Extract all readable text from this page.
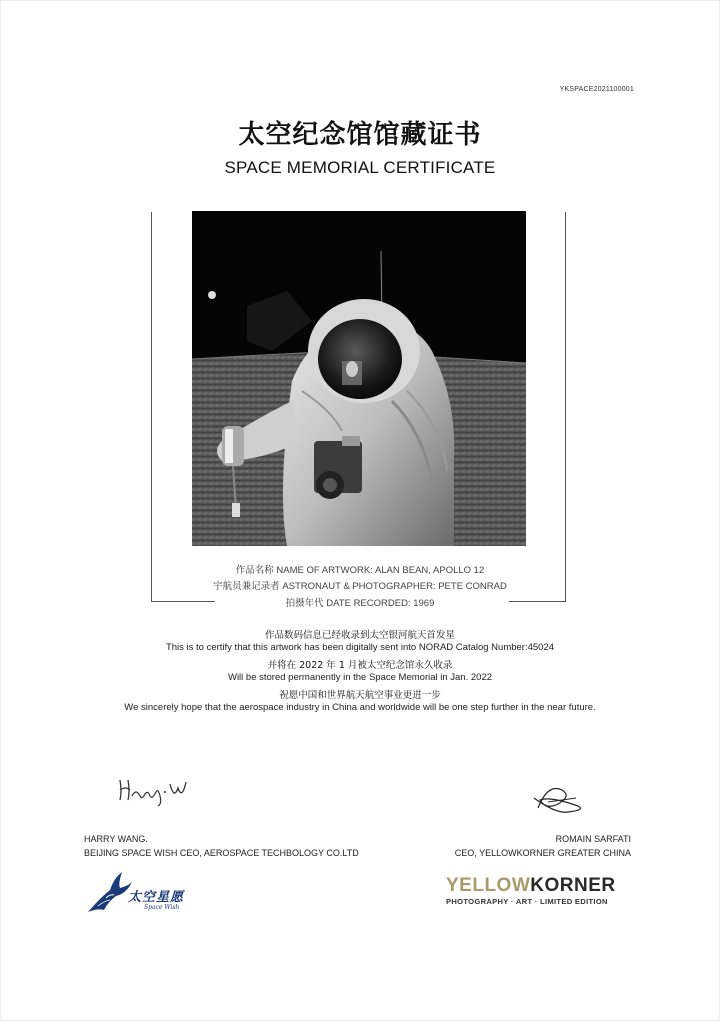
YKSPACE2021100001
太空纪念馆馆藏证书
SPACE MEMORIAL CERTIFICATE
作品名称 NAME OF ARTWORK: ALAN BEAN, APOLLO 12
宇航员兼记录者 ASTRONAUT & PHOTOGRAPHER: PETE CONRAD
拍摄年代 DATE RECORDED: 1969
作品数码信息已经收录到太空银河航天首发星
This is to certify that this artwork has been digitally sent into NORAD Catalog Number:45024
并将在 2022 年 1 月被太空纪念馆永久收录
Will be stored permanently in the Space Memorial in Jan. 2022
祝愿中国和世界航天航空事业更进一步
We sincerely hope that the aerospace industry in China and worldwide will be one step further in the near future.
HARRY WANG.
BEIJING SPACE WISH CEO, AEROSPACE TECHBOLOGY CO.LTD
ROMAIN SARFATI
CEO, YELLOWKORNER GREATER CHINA
太空星愿
Space Wish
YELLOWKORNER
PHOTOGRAPHY · ART · LIMITED EDITION
